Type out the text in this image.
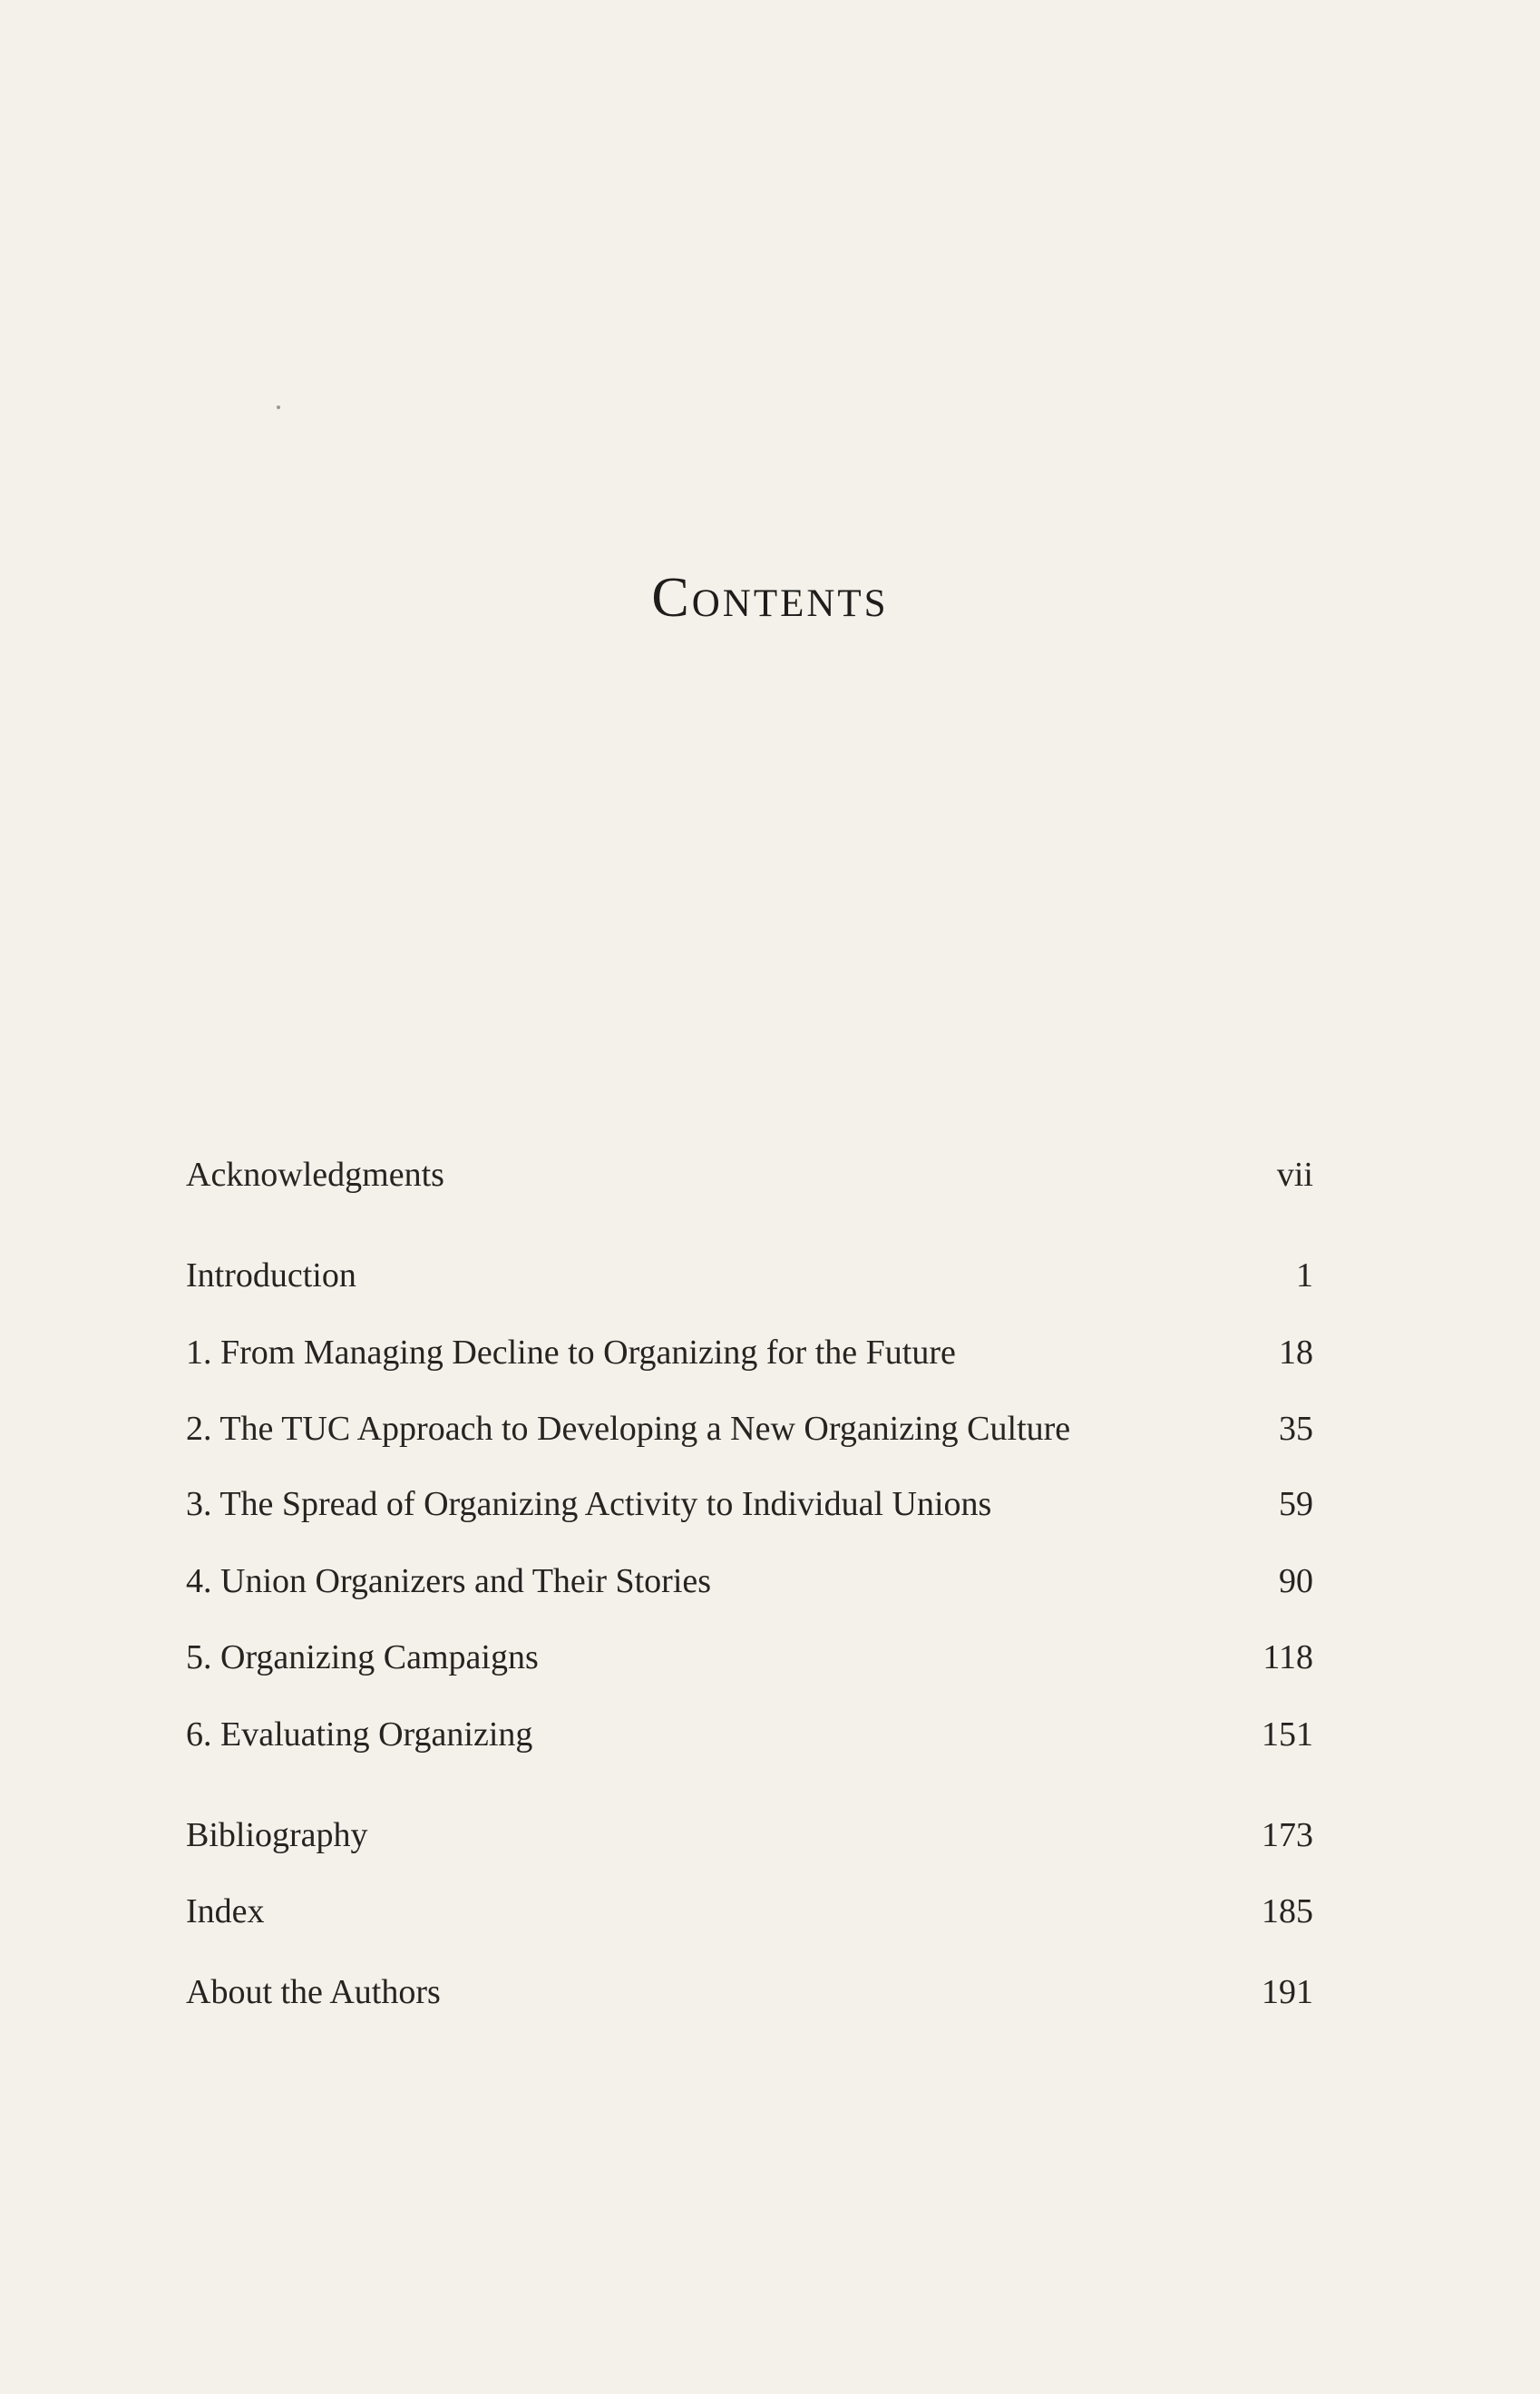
Contents
Acknowledgments	vii
Introduction	1
1. From Managing Decline to Organizing for the Future	18
2. The TUC Approach to Developing a New Organizing Culture	35
3. The Spread of Organizing Activity to Individual Unions	59
4. Union Organizers and Their Stories	90
5. Organizing Campaigns	118
6. Evaluating Organizing	151
Bibliography	173
Index	185
About the Authors	191
